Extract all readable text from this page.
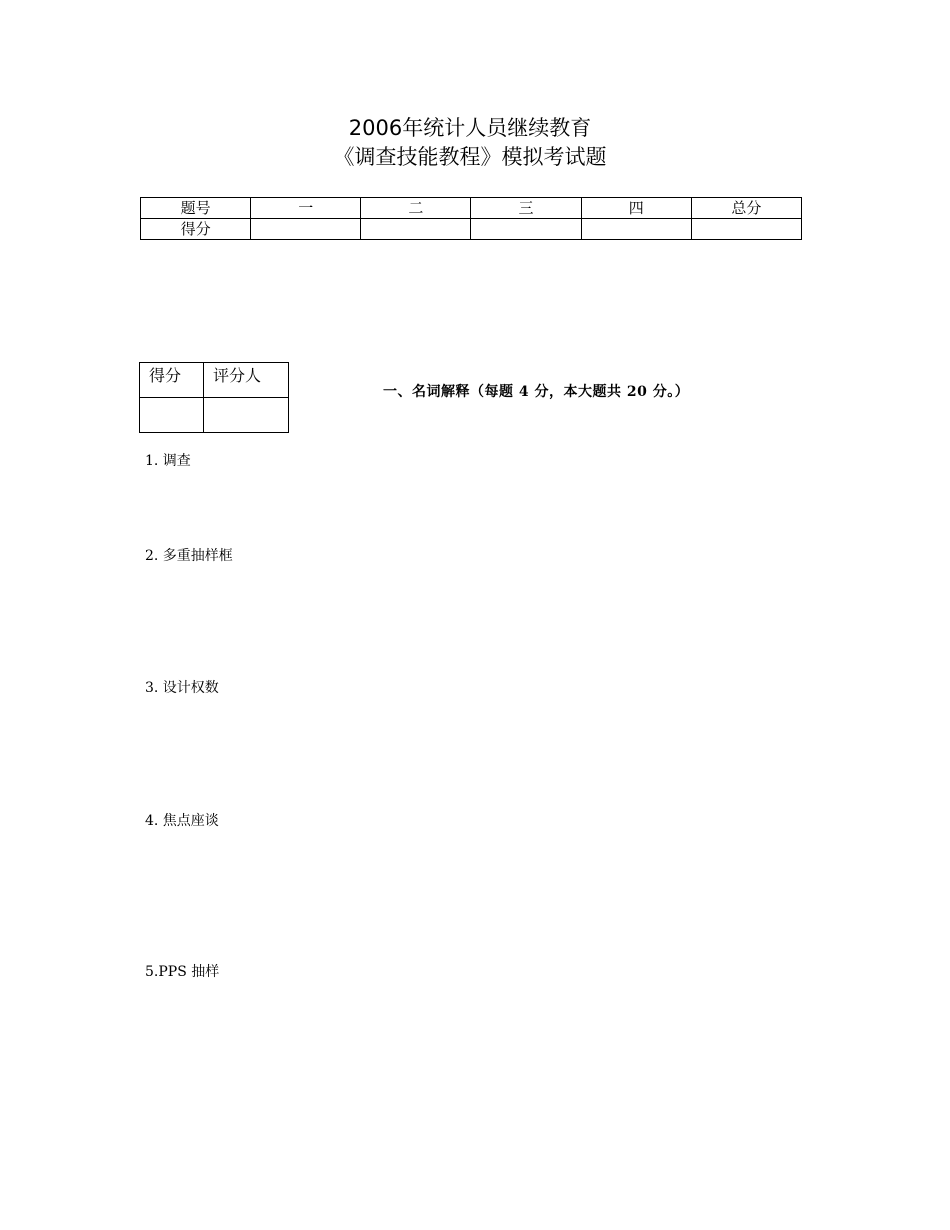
2006年统计人员继续教育
《调查技能教程》模拟考试题
题号	一	二	三	四	总分
得分					
得分	评分人

一、名词解释（每题 4 分，本大题共 20 分。）
1. 调查
2. 多重抽样框
3. 设计权数
4. 焦点座谈
5.PPS 抽样
